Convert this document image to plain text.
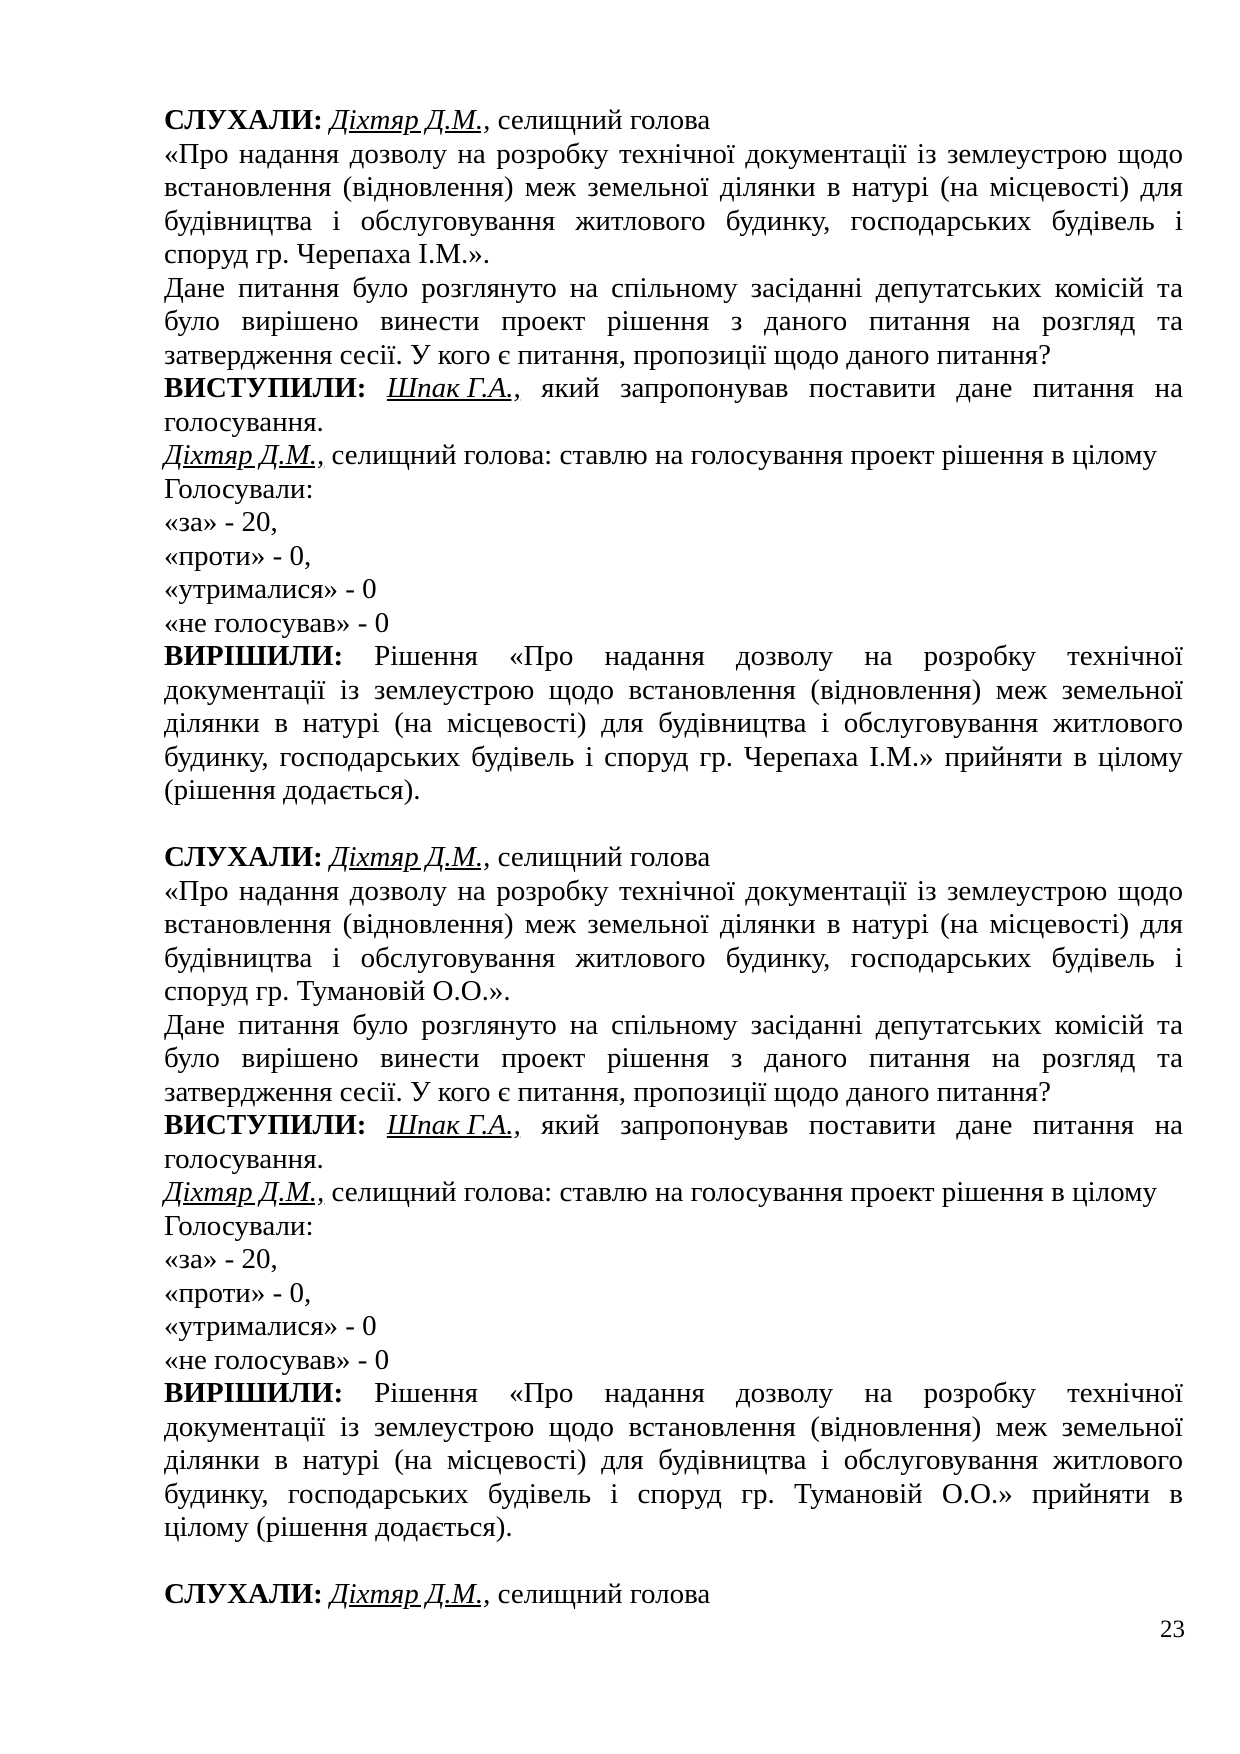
СЛУХАЛИ: Діхтяр Д.М., селищний голова
«Про надання дозволу на розробку технічної документації із землеустрою щодо
встановлення (відновлення) меж земельної ділянки в натурі (на місцевості) для
будівництва і обслуговування житлового будинку, господарських будівель і
споруд гр. Черепаха І.М.».
Дане питання було розглянуто на спільному засіданні депутатських комісій та
було вирішено винести проект рішення з даного питання на розгляд та
затвердження сесії. У кого є питання, пропозиції щодо даного питання?
ВИСТУПИЛИ: Шпак Г.А., який запропонував поставити дане питання на
голосування.
Діхтяр Д.М., селищний голова: ставлю на голосування проект рішення в цілому
Голосували:
«за» - 20,
«проти» - 0,
«утрималися» - 0
«не голосував» - 0
ВИРІШИЛИ: Рішення «Про надання дозволу на розробку технічної
документації із землеустрою щодо встановлення (відновлення) меж земельної
ділянки в натурі (на місцевості) для будівництва і обслуговування житлового
будинку, господарських будівель і споруд гр. Черепаха І.М.» прийняти в цілому
(рішення додається).
СЛУХАЛИ: Діхтяр Д.М., селищний голова
«Про надання дозволу на розробку технічної документації із землеустрою щодо
встановлення (відновлення) меж земельної ділянки в натурі (на місцевості) для
будівництва і обслуговування житлового будинку, господарських будівель і
споруд гр. Тумановій О.О.».
Дане питання було розглянуто на спільному засіданні депутатських комісій та
було вирішено винести проект рішення з даного питання на розгляд та
затвердження сесії. У кого є питання, пропозиції щодо даного питання?
ВИСТУПИЛИ: Шпак Г.А., який запропонував поставити дане питання на
голосування.
Діхтяр Д.М., селищний голова: ставлю на голосування проект рішення в цілому
Голосували:
«за» - 20,
«проти» - 0,
«утрималися» - 0
«не голосував» - 0
ВИРІШИЛИ: Рішення «Про надання дозволу на розробку технічної
документації із землеустрою щодо встановлення (відновлення) меж земельної
ділянки в натурі (на місцевості) для будівництва і обслуговування житлового
будинку, господарських будівель і споруд гр. Тумановій О.О.» прийняти в
цілому (рішення додається).
СЛУХАЛИ: Діхтяр Д.М., селищний голова
23
